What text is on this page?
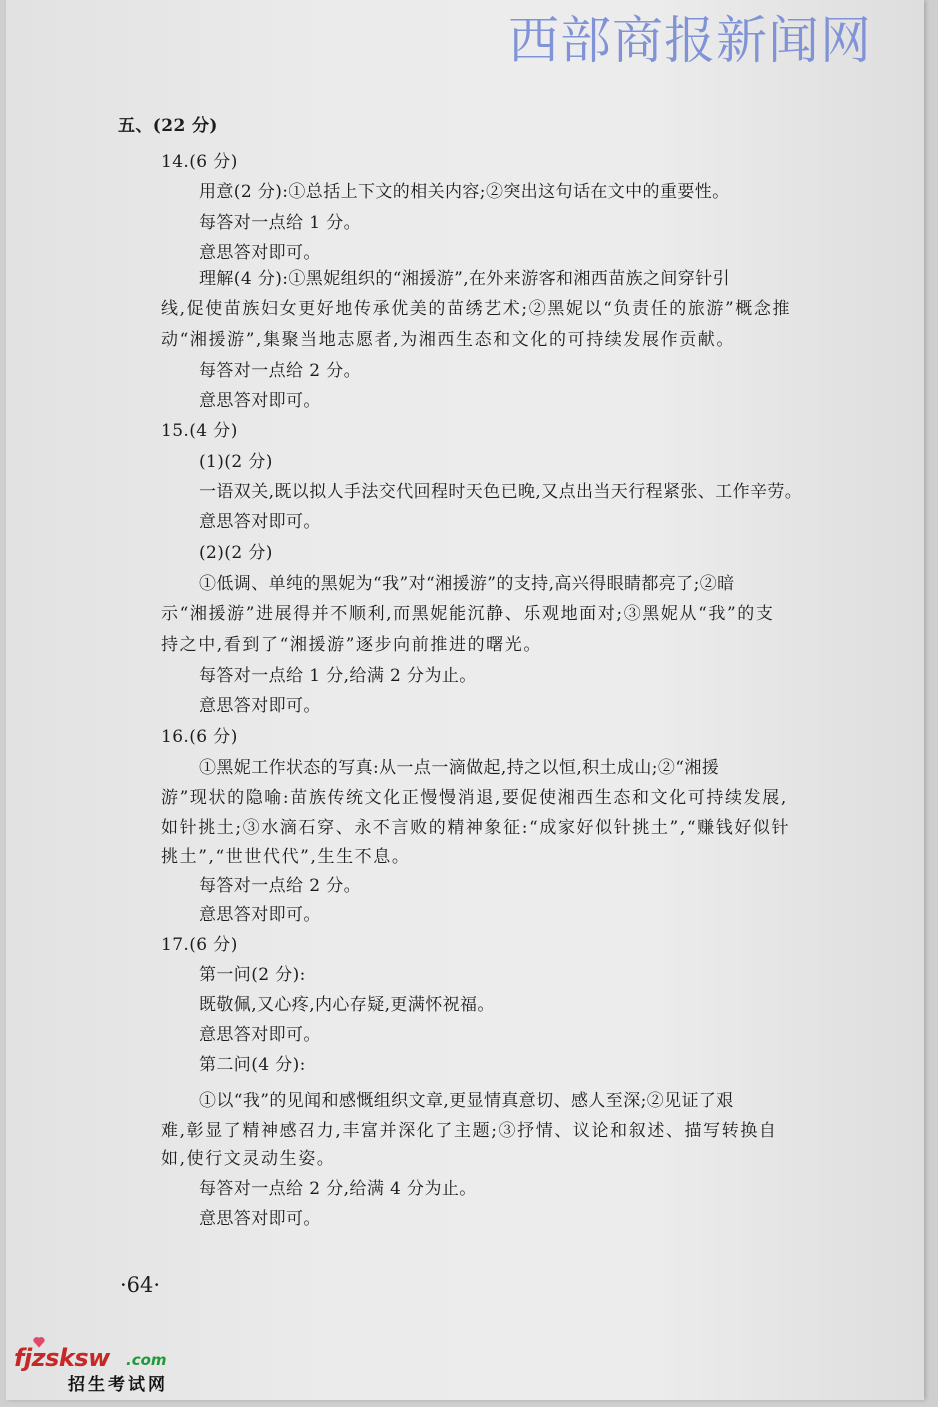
西部商报新闻网
五、(22 分)
14.(6 分)
用意(2 分):①总括上下文的相关内容;②突出这句话在文中的重要性。
每答对一点给 1 分。
意思答对即可。
理解(4 分):①黑妮组织的“湘援游”,在外来游客和湘西苗族之间穿针引
线,促使苗族妇女更好地传承优美的苗绣艺术;②黑妮以“负责任的旅游”概念推
动“湘援游”,集聚当地志愿者,为湘西生态和文化的可持续发展作贡献。
每答对一点给 2 分。
意思答对即可。
15.(4 分)
(1)(2 分)
一语双关,既以拟人手法交代回程时天色已晚,又点出当天行程紧张、工作辛劳。
意思答对即可。
(2)(2 分)
①低调、单纯的黑妮为“我”对“湘援游”的支持,高兴得眼睛都亮了;②暗
示“湘援游”进展得并不顺利,而黑妮能沉静、乐观地面对;③黑妮从“我”的支
持之中,看到了“湘援游”逐步向前推进的曙光。
每答对一点给 1 分,给满 2 分为止。
意思答对即可。
16.(6 分)
①黑妮工作状态的写真:从一点一滴做起,持之以恒,积土成山;②“湘援
游”现状的隐喻:苗族传统文化正慢慢消退,要促使湘西生态和文化可持续发展,
如针挑土;③水滴石穿、永不言败的精神象征:“成家好似针挑土”,“赚钱好似针
挑土”,“世世代代”,生生不息。
每答对一点给 2 分。
意思答对即可。
17.(6 分)
第一问(2 分):
既敬佩,又心疼,内心存疑,更满怀祝福。
意思答对即可。
第二问(4 分):
①以“我”的见闻和感慨组织文章,更显情真意切、感人至深;②见证了艰
难,彰显了精神感召力,丰富并深化了主题;③抒情、议论和叙述、描写转换自
如,使行文灵动生姿。
每答对一点给 2 分,给满 4 分为止。
意思答对即可。
·64·
fjzsksw .com
招生考试网
